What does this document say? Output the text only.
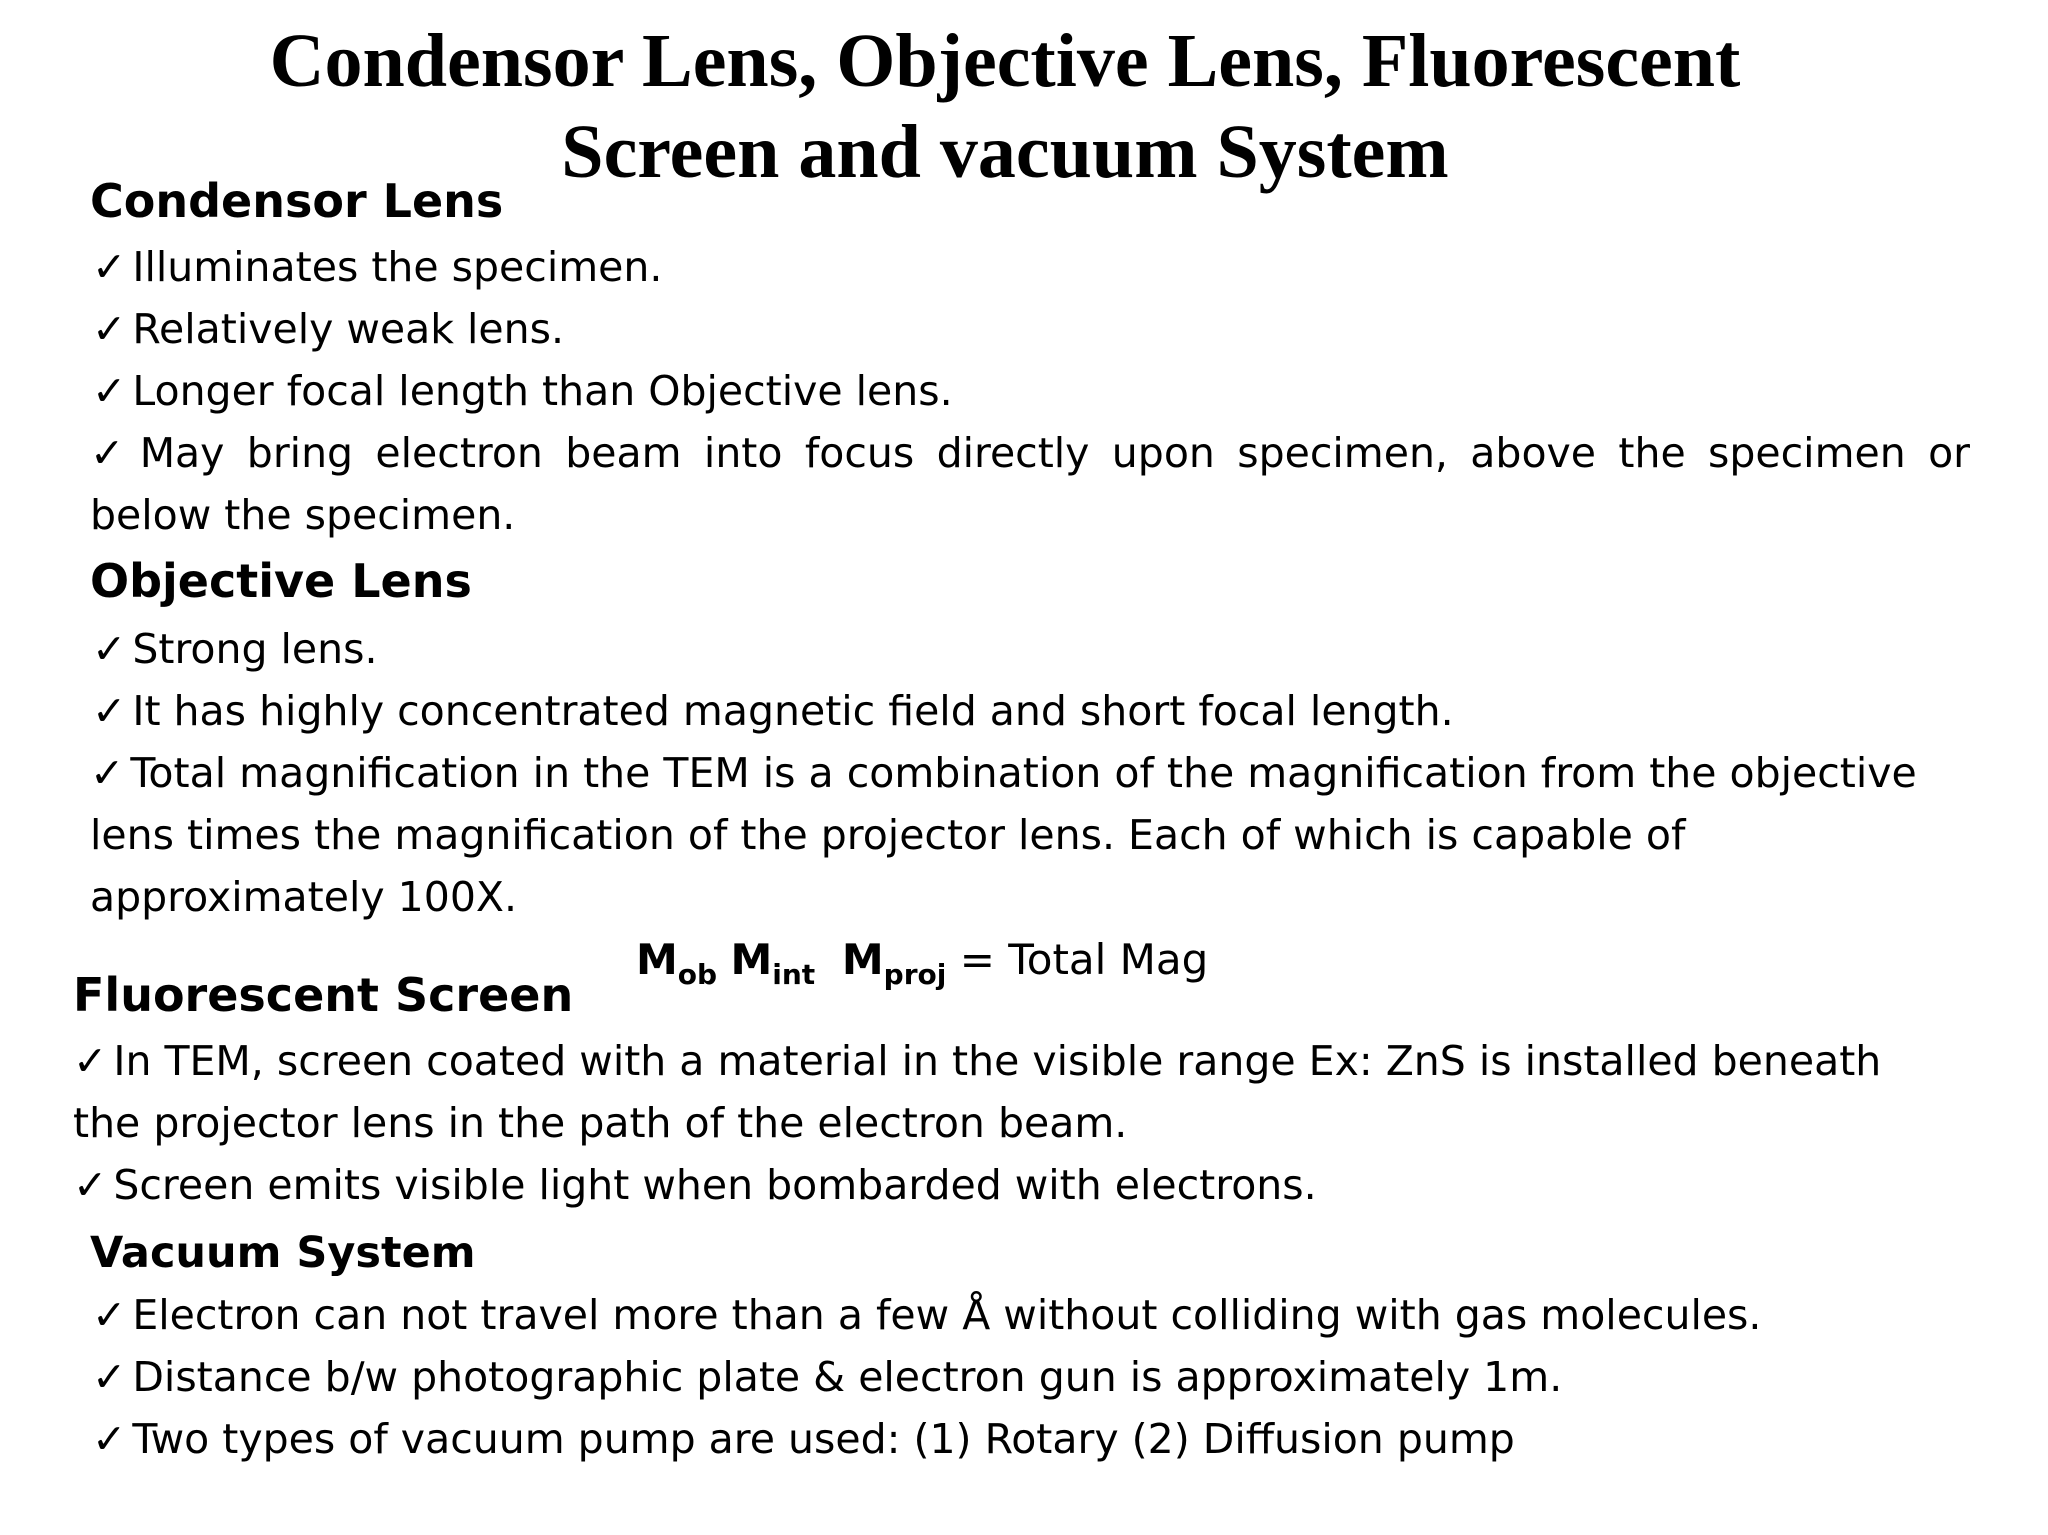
Condensor Lens, Objective Lens, Fluorescent
Screen and vacuum System
Condensor Lens

✓ Illuminates the specimen.

✓ Relatively weak lens.

✓ Longer focal length than Objective lens.

✓ May bring electron beam into focus directly upon specimen, above the specimen or below the specimen.

Objective Lens

✓ Strong lens.

✓ It has highly concentrated magnetic field and short focal length.

✓ Total magnification in the TEM is a combination of the magnification from the objective lens times the magnification of the projector lens. Each of which is capable of approximately 100X.

$M_{ob}$ $M_{int}$ $M_{proj}$ = Total Mag
Fluorescent Screen

✓ In TEM, screen coated with a material in the visible range Ex: ZnS is installed beneath the projector lens in the path of the electron beam.

✓ Screen emits visible light when bombarded with electrons.

Vacuum System

✓ Electron can not travel more than a few Å without colliding with gas molecules.

✓ Distance b/w photographic plate & electron gun is approximately 1m.

✓ Two types of vacuum pump are used: (1) Rotary (2) Diffusion pump
